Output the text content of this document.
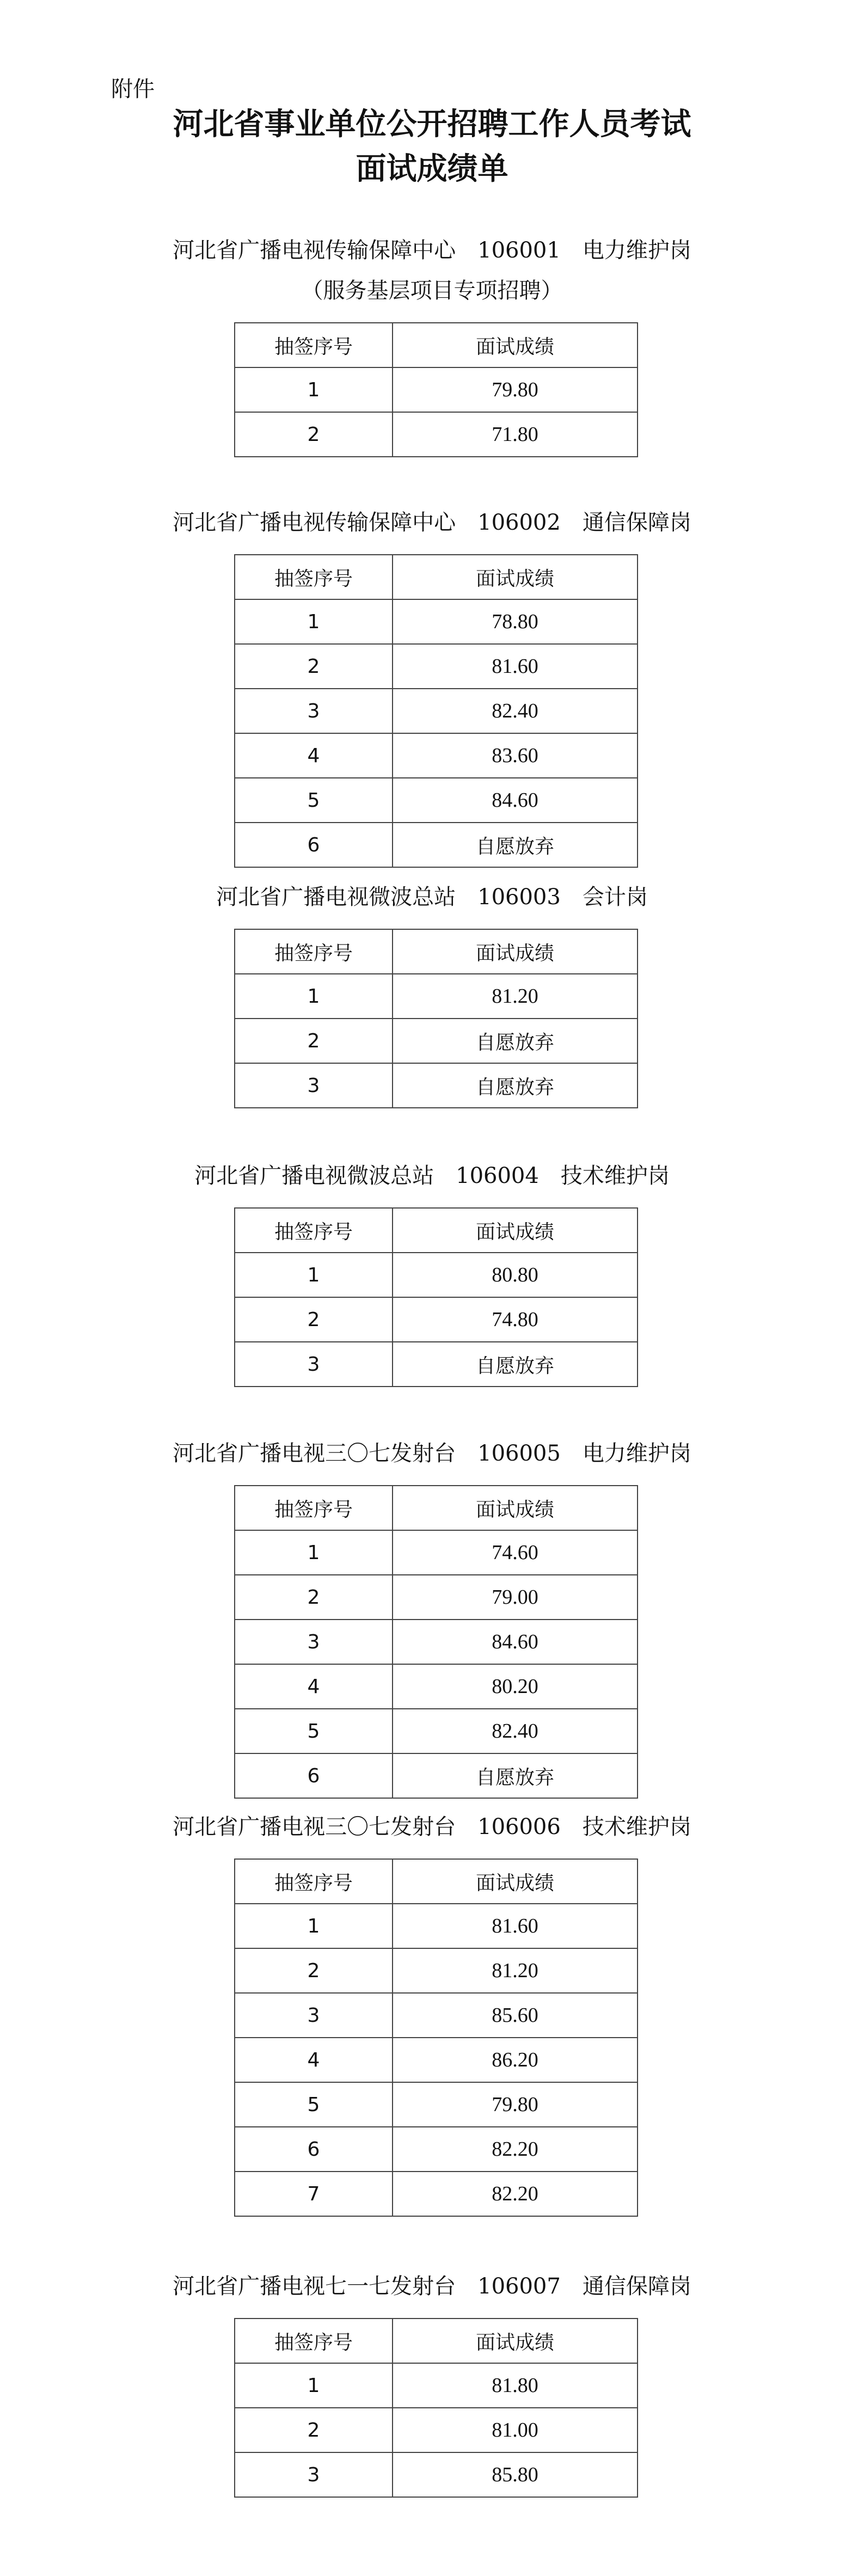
附件
河北省事业单位公开招聘工作人员考试
面试成绩单
河北省广播电视传输保障中心　106001　电力维护岗
（服务基层项目专项招聘）
抽签序号	面试成绩
1	79.80
2	71.80
河北省广播电视传输保障中心　106002　通信保障岗
抽签序号	面试成绩
1	78.80
2	81.60
3	82.40
4	83.60
5	84.60
6	自愿放弃
河北省广播电视微波总站　106003　会计岗
抽签序号	面试成绩
1	81.20
2	自愿放弃
3	自愿放弃
河北省广播电视微波总站　106004　技术维护岗
抽签序号	面试成绩
1	80.80
2	74.80
3	自愿放弃
河北省广播电视三〇七发射台　106005　电力维护岗
抽签序号	面试成绩
1	74.60
2	79.00
3	84.60
4	80.20
5	82.40
6	自愿放弃
河北省广播电视三〇七发射台　106006　技术维护岗
抽签序号	面试成绩
1	81.60
2	81.20
3	85.60
4	86.20
5	79.80
6	82.20
7	82.20
河北省广播电视七一七发射台　106007　通信保障岗
抽签序号	面试成绩
1	81.80
2	81.00
3	85.80
